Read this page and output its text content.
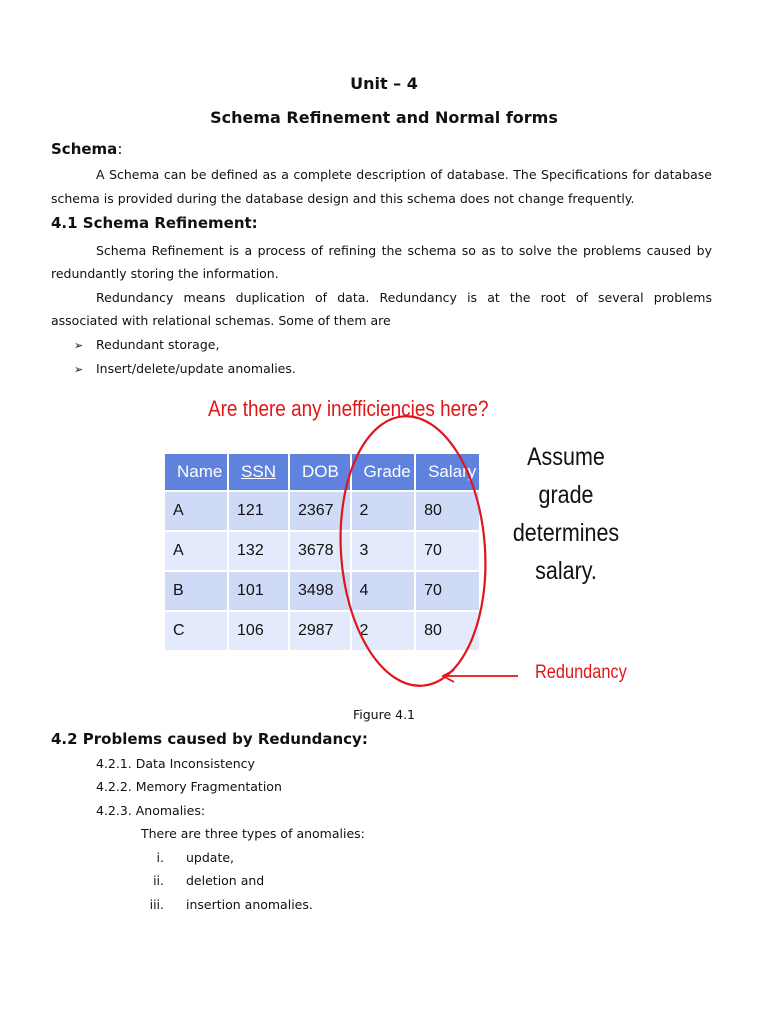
Unit – 4
Schema Refinement and Normal forms
Schema:
A Schema can be defined as a complete description of database. The Specifications for database
schema is provided during the database design and this schema does not change frequently.
4.1 Schema Refinement:
Schema Refinement is a process of refining the schema so as to solve the problems caused by
redundantly storing the information.
Redundancy means duplication of data. Redundancy is at the root of several problems
associated with relational schemas. Some of them are
➢ Redundant storage,
➢ Insert/delete/update anomalies.
Are there any inefficiencies here?
Assume grade
determines
salary.
Name	SSN	DOB	Grade	Salary
A	121	2367	2	80
A	132	3678	3	70
B	101	3498	4	70
C	106	2987	2	80
Redundancy
Figure 4.1
4.2 Problems caused by Redundancy:
4.2.1. Data Inconsistency
4.2.2. Memory Fragmentation
4.2.3. Anomalies:
There are three types of anomalies:
i. update,
ii. deletion and
iii. insertion anomalies.
